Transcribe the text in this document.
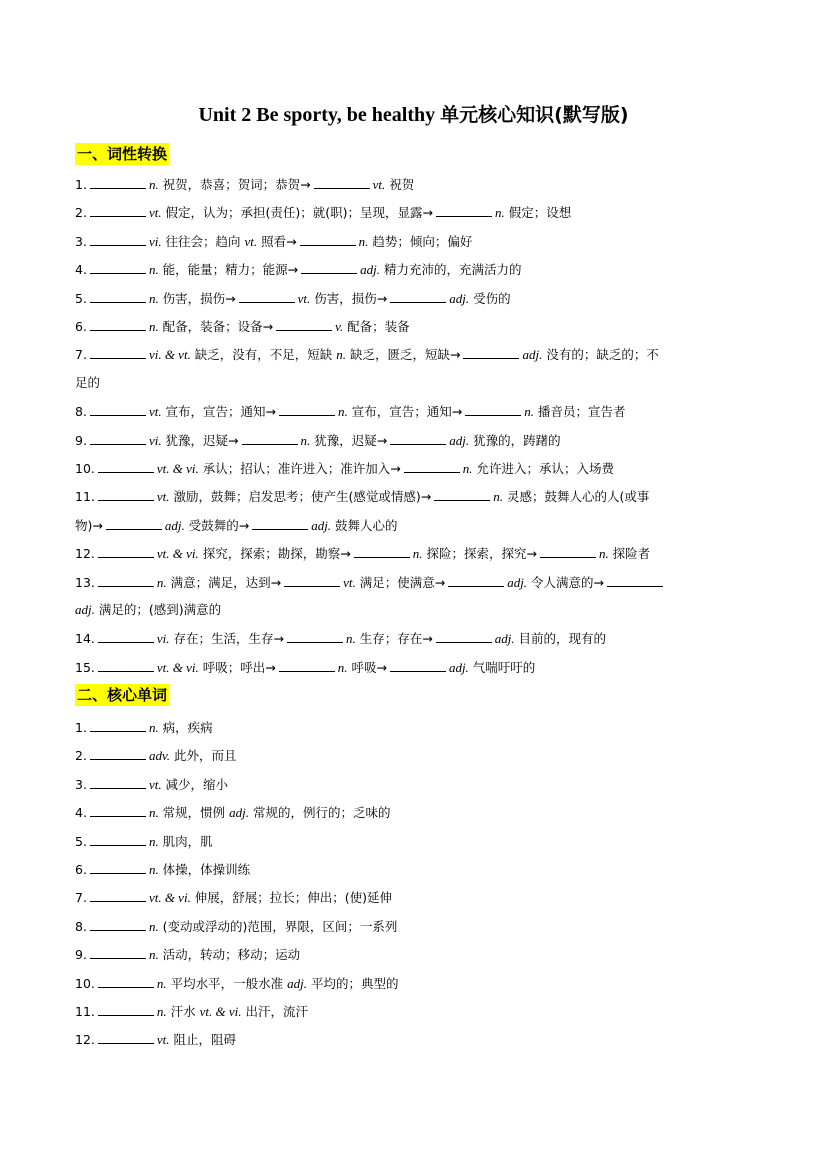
Unit 2 Be sporty, be healthy 单元核心知识(默写版)
一、词性转换
1.	n. 祝贺，恭喜；贺词；恭贺→	vt. 祝贺
2.	vt. 假定，认为；承担(责任)；就(职)；呈现，显露→	n. 假定；设想
3.	vi. 往往会；趋向 vt. 照看→	n. 趋势；倾向；偏好
4.	n. 能，能量；精力；能源→	adj. 精力充沛的，充满活力的
5.	n. 伤害，损伤→	vt. 伤害，损伤→	adj. 受伤的
6.	n. 配备，装备；设备→	v. 配备；装备
7.	vi. & vt. 缺乏，没有，不足，短缺 n. 缺乏，匮乏，短缺→	adj. 没有的；缺乏的；不
足的
8.	vt. 宣布，宣告；通知→	n. 宣布，宣告；通知→	n. 播音员；宣告者
9.	vi. 犹豫，迟疑→	n. 犹豫，迟疑→	adj. 犹豫的，踌躇的
10.	vt. & vi. 承认；招认；准许进入；准许加入→	n. 允许进入；承认；入场费
11.	vt. 激励，鼓舞；启发思考；使产生(感觉或情感)→	n. 灵感；鼓舞人心的人(或事
物)→	adj. 受鼓舞的→	adj. 鼓舞人心的
12.	vt. & vi. 探究，探索；勘探，勘察→	n. 探险；探索，探究→	n. 探险者
13.	n. 满意；满足，达到→	vt. 满足；使满意→	adj. 令人满意的→
adj. 满足的；(感到)满意的
14.	vi. 存在；生活，生存→	n. 生存；存在→	adj. 目前的，现有的
15.	vt. & vi. 呼吸；呼出→	n. 呼吸→	adj. 气喘吁吁的
二、核心单词
1.	n. 病，疾病
2.	adv. 此外，而且
3.	vt. 减少，缩小
4.	n. 常规，惯例 adj. 常规的，例行的；乏味的
5.	n. 肌肉，肌
6.	n. 体操，体操训练
7.	vt. & vi. 伸展，舒展；拉长；伸出；(使)延伸
8.	n. (变动或浮动的)范围，界限，区间；一系列
9.	n. 活动，转动；移动；运动
10.	n. 平均水平，一般水准 adj. 平均的；典型的
11.	n. 汗水 vt. & vi. 出汗，流汗
12.	vt. 阻止，阻碍
